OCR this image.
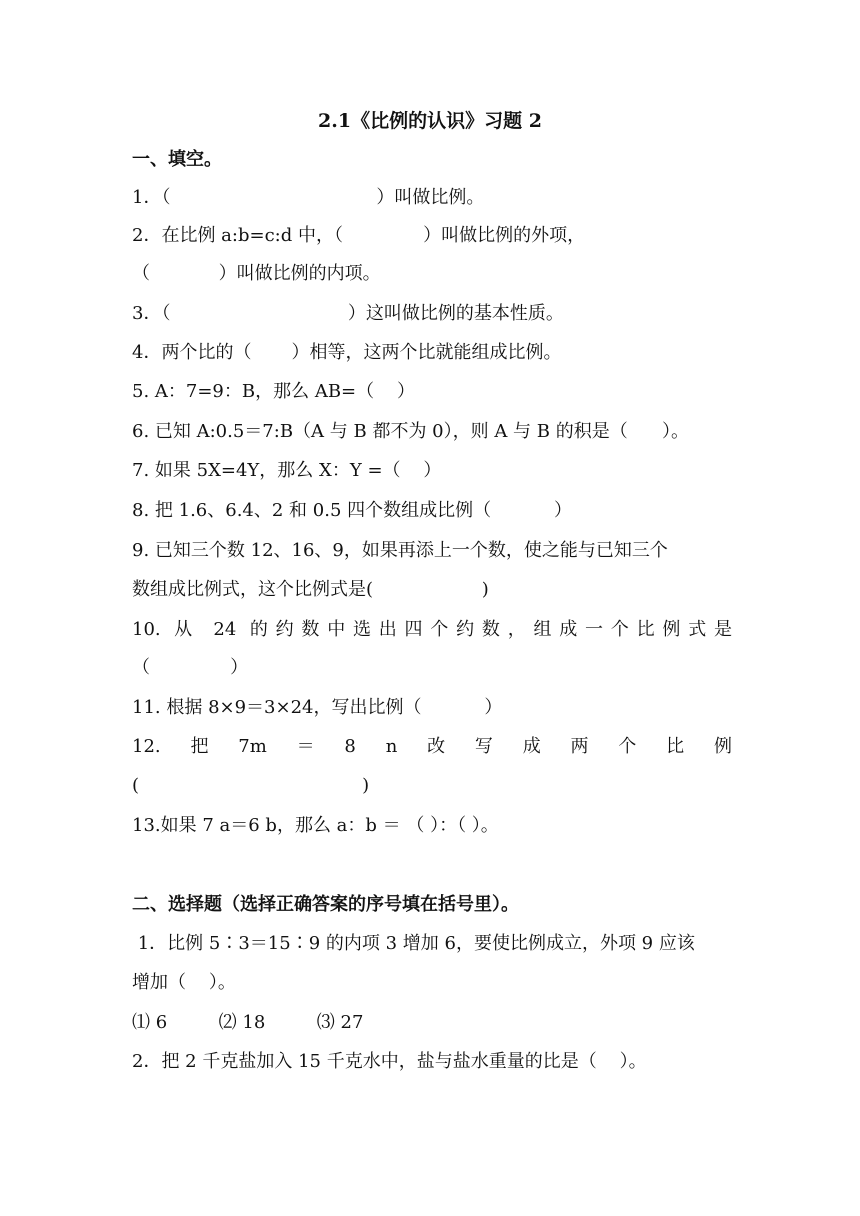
2.1《比例的认识》习题 2
一、填空。
1．（                                    ）叫做比例。
2．在比例 a:b=c:d 中，（              ）叫做比例的外项，
（            ）叫做比例的内项。
3．（                               ）这叫做比例的基本性质。
4．两个比的（       ）相等，这两个比就能组成比例。
5. A：7=9：B，那么 AB=（    ）
6. 已知 A:0.5＝7:B（A 与 B 都不为 0），则 A 与 B 的积是（      ）。
7. 如果 5X=4Y，那么 X：Y =（    ）
8. 把 1.6、6.4、2 和 0.5 四个数组成比例（           ）
9. 已知三个数 12、16、9，如果再添上一个数，使之能与已知三个
数组成比例式，这个比例式是(                   )
10. 从 24 的约数中选出四个约数，组成一个比例式是
（              ）
11. 根据 8×9＝3×24，写出比例（           ）
12. 把 7m ＝ 8 n 改 写 成 两 个 比 例
(                                       )
13.如果 7 a＝6 b，那么 a：b ＝ （ ）：（ ）。
二、选择题（选择正确答案的序号填在括号里）。
1．比例 5∶3＝15∶9 的内项 3 增加 6，要使比例成立，外项 9 应该
增加（    ）。
⑴ 6         ⑵ 18         ⑶ 27
2．把 2 千克盐加入 15 千克水中，盐与盐水重量的比是（    ）。
